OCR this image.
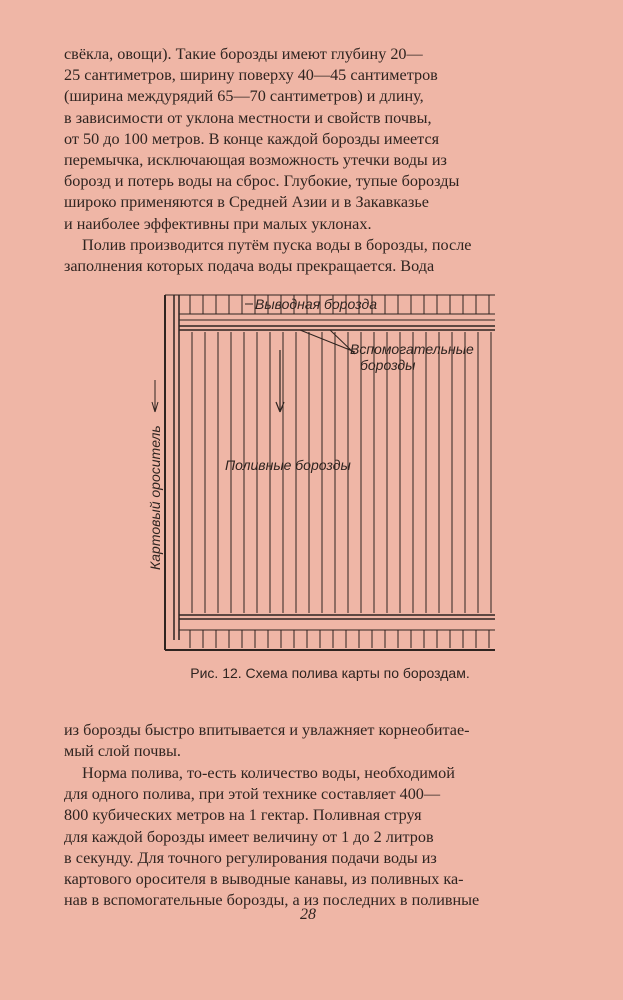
свёкла, овощи). Такие борозды имеют глубину 20—
25 сантиметров, ширину поверху 40—45 сантиметров
(ширина междурядий 65—70 сантиметров) и длину,
в зависимости от уклона местности и свойств почвы,
от 50 до 100 метров. В конце каждой борозды имеется
перемычка, исключающая возможность утечки воды из
борозд и потерь воды на сброс. Глубокие, тупые борозды
широко применяются в Средней Азии и в Закавказье
и наиболее эффективны при малых уклонах.
Полив производится путём пуска воды в борозды, после
заполнения которых подача воды прекращается. Вода
Выводная борозда
Вспомогательные
борозды
Поливные борозды
Картовый ороситель
Рис. 12. Схема полива карты по бороздам.
из борозды быстро впитывается и увлажняет корнеобитае-
мый слой почвы.
Норма полива, то-есть количество воды, необходимой
для одного полива, при этой технике составляет 400—
800 кубических метров на 1 гектар. Поливная струя
для каждой борозды имеет величину от 1 до 2 литров
в секунду. Для точного регулирования подачи воды из
картового оросителя в выводные канавы, из поливных ка-
нав в вспомогательные борозды, а из последних в поливные
28
